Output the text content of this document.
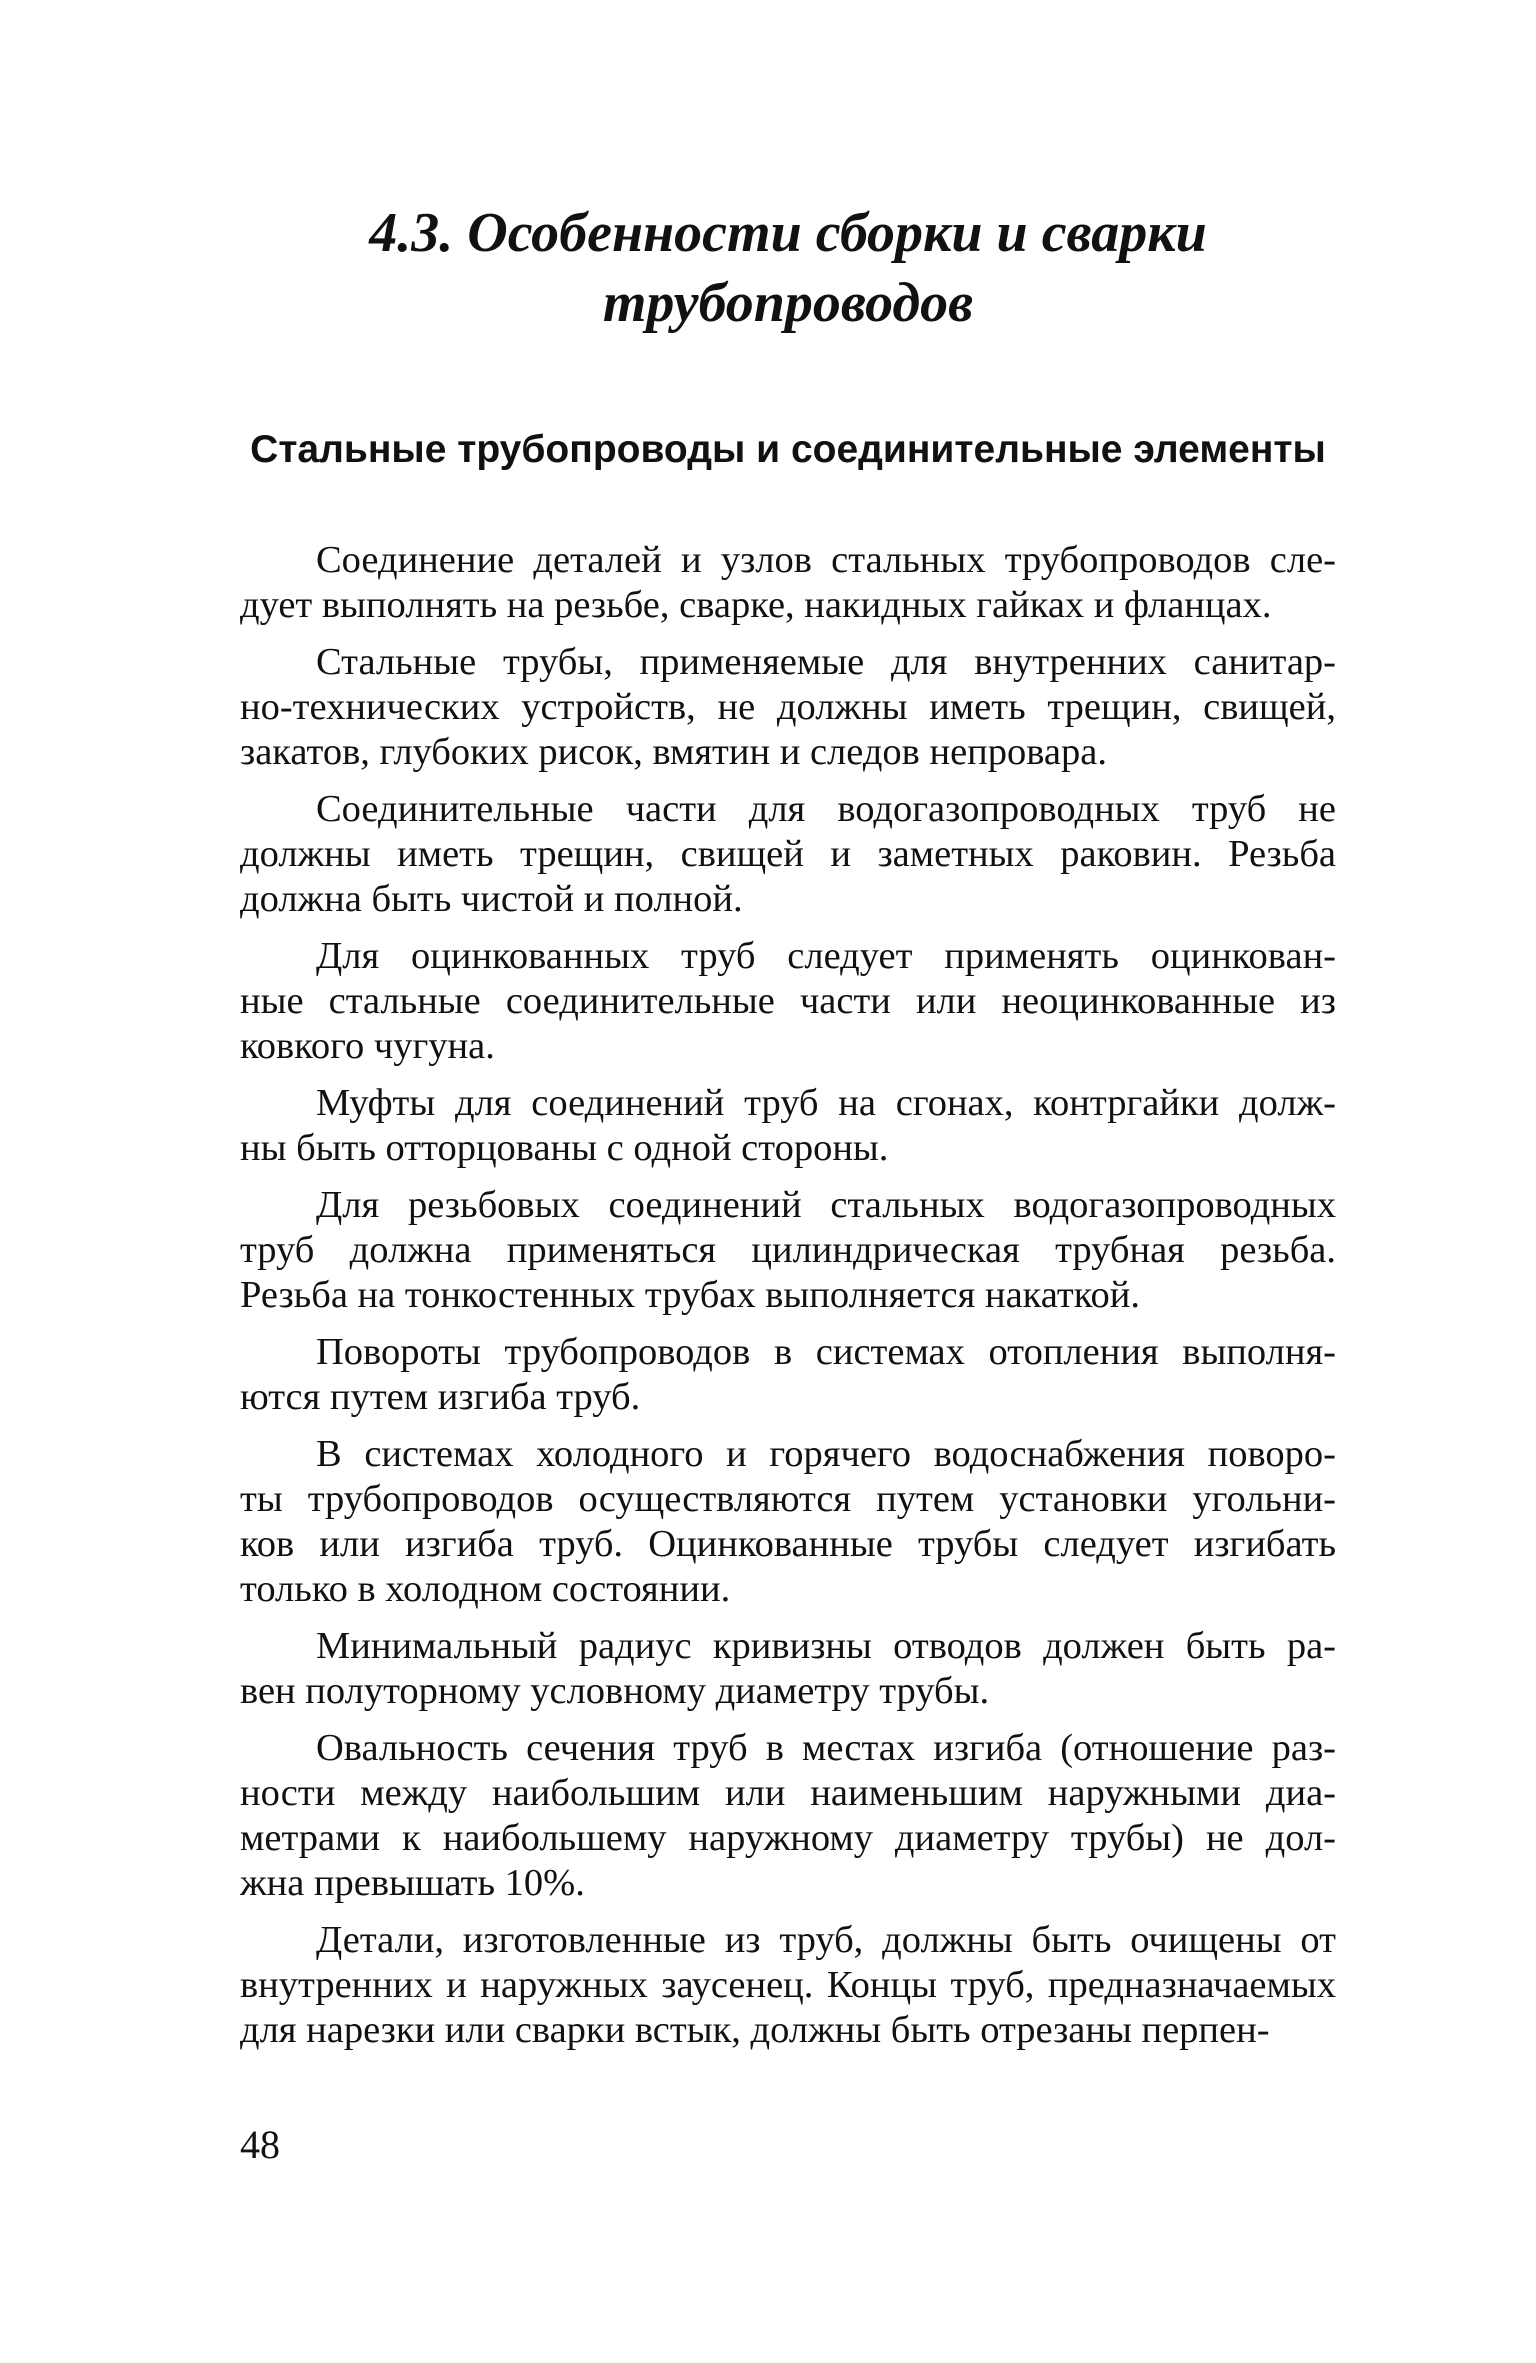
4.3. Особенности сборки и сварки
трубопроводов
Стальные трубопроводы и соединительные элементы

Соединение деталей и узлов стальных трубопроводов сле-
дует выполнять на резьбе, сварке, накидных гайках и фланцах.

Стальные трубы, применяемые для внутренних санитар-
но-технических устройств, не должны иметь трещин, свищей,
закатов, глубоких рисок, вмятин и следов непровара.

Соединительные части для водогазопроводных труб не
должны иметь трещин, свищей и заметных раковин. Резьба
должна быть чистой и полной.

Для оцинкованных труб следует применять оцинкован-
ные стальные соединительные части или неоцинкованные из
ковкого чугуна.

Муфты для соединений труб на сгонах, контргайки долж-
ны быть отторцованы с одной стороны.

Для резьбовых соединений стальных водогазопроводных
труб должна применяться цилиндрическая трубная резьба.
Резьба на тонкостенных трубах выполняется накаткой.

Повороты трубопроводов в системах отопления выполня-
ются путем изгиба труб.

В системах холодного и горячего водоснабжения поворо-
ты трубопроводов осуществляются путем установки угольни-
ков или изгиба труб. Оцинкованные трубы следует изгибать
только в холодном состоянии.

Минимальный радиус кривизны отводов должен быть ра-
вен полуторному условному диаметру трубы.

Овальность сечения труб в местах изгиба (отношение раз-
ности между наибольшим или наименьшим наружными диа-
метрами к наибольшему наружному диаметру трубы) не дол-
жна превышать 10%.

Детали, изготовленные из труб, должны быть очищены от
внутренних и наружных заусенец. Концы труб, предназначаемых
для нарезки или сварки встык, должны быть отрезаны перпен-

48
